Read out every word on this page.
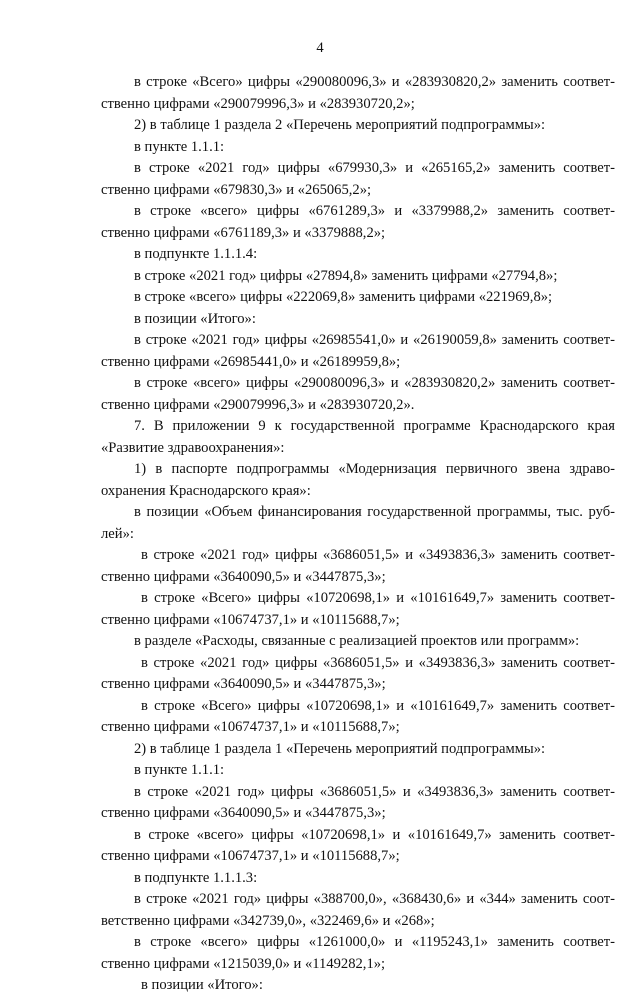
4
в строке «Всего» цифры «290080096,3» и «283930820,2» заменить соответ-
ственно цифрами «290079996,3» и «283930720,2»;
2) в таблице 1 раздела 2 «Перечень мероприятий подпрограммы»:
в пункте 1.1.1:
в строке «2021 год» цифры «679930,3» и «265165,2» заменить соответ-
ственно цифрами «679830,3» и «265065,2»;
в строке «всего» цифры «6761289,3» и «3379988,2» заменить соответ-
ственно цифрами «6761189,3» и «3379888,2»;
в подпункте 1.1.1.4:
в строке «2021 год» цифры «27894,8» заменить цифрами «27794,8»;
в строке «всего» цифры «222069,8» заменить цифрами «221969,8»;
в позиции «Итого»:
в строке «2021 год» цифры «26985541,0» и «26190059,8» заменить соответ-
ственно цифрами «26985441,0» и «26189959,8»;
в строке «всего» цифры «290080096,3» и «283930820,2» заменить соответ-
ственно цифрами «290079996,3» и «283930720,2».
7. В приложении 9 к государственной программе Краснодарского края
«Развитие здравоохранения»:
1) в паспорте подпрограммы «Модернизация первичного звена здраво-
охранения Краснодарского края»:
в позиции «Объем финансирования государственной программы, тыс. руб-
лей»:
в строке «2021 год» цифры «3686051,5» и «3493836,3» заменить соответ-
ственно цифрами «3640090,5» и «3447875,3»;
в строке «Всего» цифры «10720698,1» и «10161649,7» заменить соответ-
ственно цифрами «10674737,1» и «10115688,7»;
в разделе «Расходы, связанные с реализацией проектов или программ»:
в строке «2021 год» цифры «3686051,5» и «3493836,3» заменить соответ-
ственно цифрами «3640090,5» и «3447875,3»;
в строке «Всего» цифры «10720698,1» и «10161649,7» заменить соответ-
ственно цифрами «10674737,1» и «10115688,7»;
2) в таблице 1 раздела 1 «Перечень мероприятий подпрограммы»:
в пункте 1.1.1:
в строке «2021 год» цифры «3686051,5» и «3493836,3» заменить соответ-
ственно цифрами «3640090,5» и «3447875,3»;
в строке «всего» цифры «10720698,1» и «10161649,7» заменить соответ-
ственно цифрами «10674737,1» и «10115688,7»;
в подпункте 1.1.1.3:
в строке «2021 год» цифры «388700,0», «368430,6» и «344» заменить соот-
ветственно цифрами «342739,0», «322469,6» и «268»;
в строке «всего» цифры «1261000,0» и «1195243,1» заменить соответ-
ственно цифрами «1215039,0» и «1149282,1»;
в позиции «Итого»:
